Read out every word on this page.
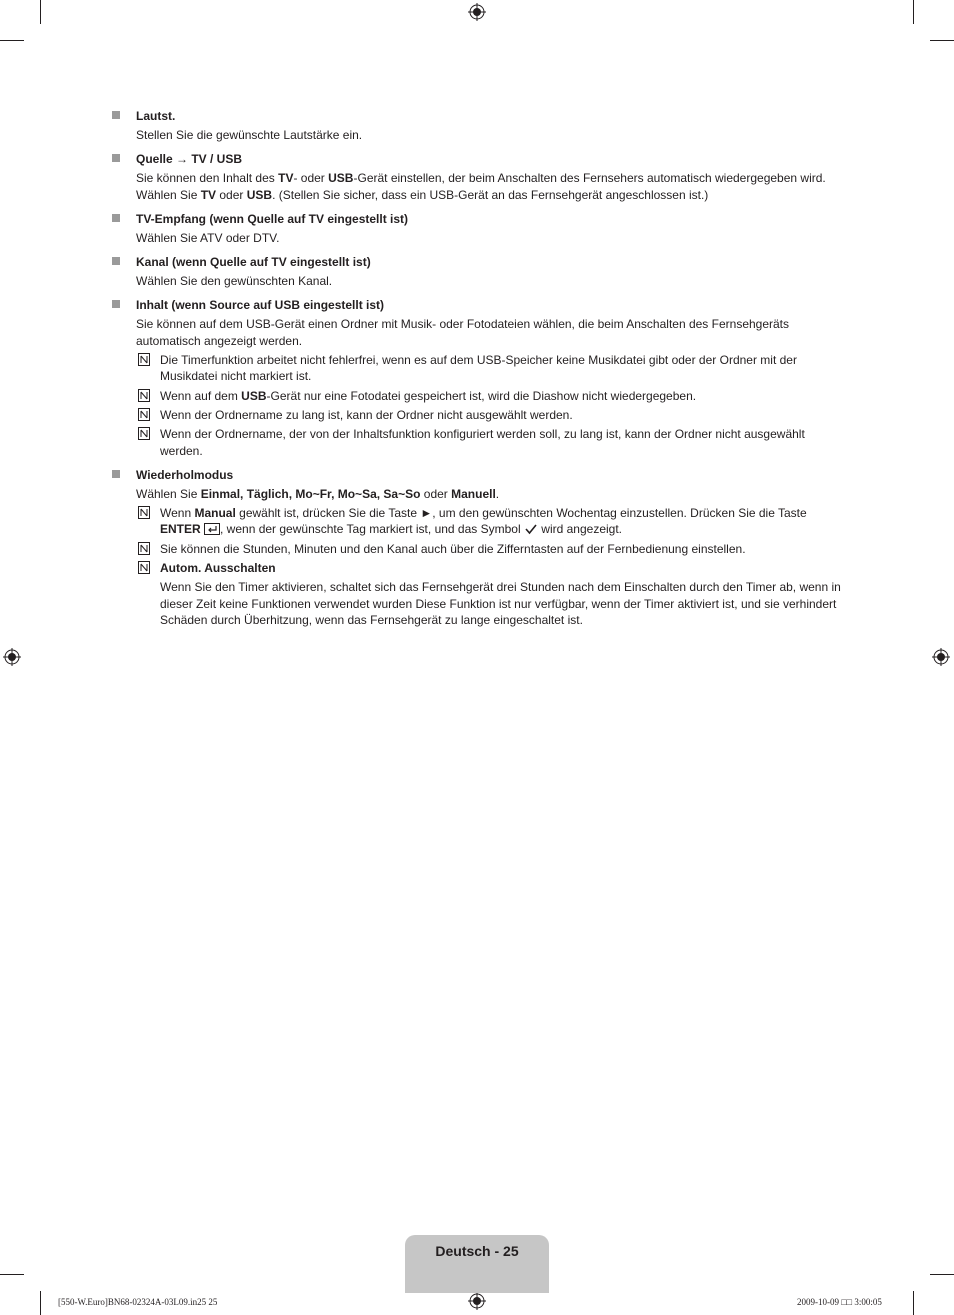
Lautst.
Stellen Sie die gewünschte Lautstärke ein.
Quelle → TV / USB
Sie können den Inhalt des TV- oder USB-Gerät einstellen, der beim Anschalten des Fernsehers automatisch wiedergegeben wird. Wählen Sie TV oder USB. (Stellen Sie sicher, dass ein USB-Gerät an das Fernsehgerät angeschlossen ist.)
TV-Empfang (wenn Quelle auf TV eingestellt ist)
Wählen Sie ATV oder DTV.
Kanal (wenn Quelle auf TV eingestellt ist)
Wählen Sie den gewünschten Kanal.
Inhalt (wenn Source auf USB eingestellt ist)
Sie können auf dem USB-Gerät einen Ordner mit Musik- oder Fotodateien wählen, die beim Anschalten des Fernsehgeräts automatisch angezeigt werden.
Die Timerfunktion arbeitet nicht fehlerfrei, wenn es auf dem USB-Speicher keine Musikdatei gibt oder der Ordner mit der Musikdatei nicht markiert ist.
Wenn auf dem USB-Gerät nur eine Fotodatei gespeichert ist, wird die Diashow nicht wiedergegeben.
Wenn der Ordnername zu lang ist, kann der Ordner nicht ausgewählt werden.
Wenn der Ordnername, der von der Inhaltsfunktion konfiguriert werden soll, zu lang ist, kann der Ordner nicht ausgewählt werden.
Wiederholmodus
Wählen Sie Einmal, Täglich, Mo~Fr, Mo~Sa, Sa~So oder Manuell.
Wenn Manual gewählt ist, drücken Sie die Taste ►, um den gewünschten Wochentag einzustellen. Drücken Sie die Taste ENTER , wenn der gewünschte Tag markiert ist, und das Symbol  wird angezeigt.
Sie können die Stunden, Minuten und den Kanal auch über die Zifferntasten auf der Fernbedienung einstellen.
Autom. Ausschalten
Wenn Sie den Timer aktivieren, schaltet sich das Fernsehgerät drei Stunden nach dem Einschalten durch den Timer ab, wenn in dieser Zeit keine Funktionen verwendet wurden Diese Funktion ist nur verfügbar, wenn der Timer aktiviert ist, und sie verhindert Schäden durch Überhitzung, wenn das Fernsehgerät zu lange eingeschaltet ist.
Deutsch - 25
[550-W.Euro]BN68-02324A-03L09.in25 25	2009-10-09 □□ 3:00:05
